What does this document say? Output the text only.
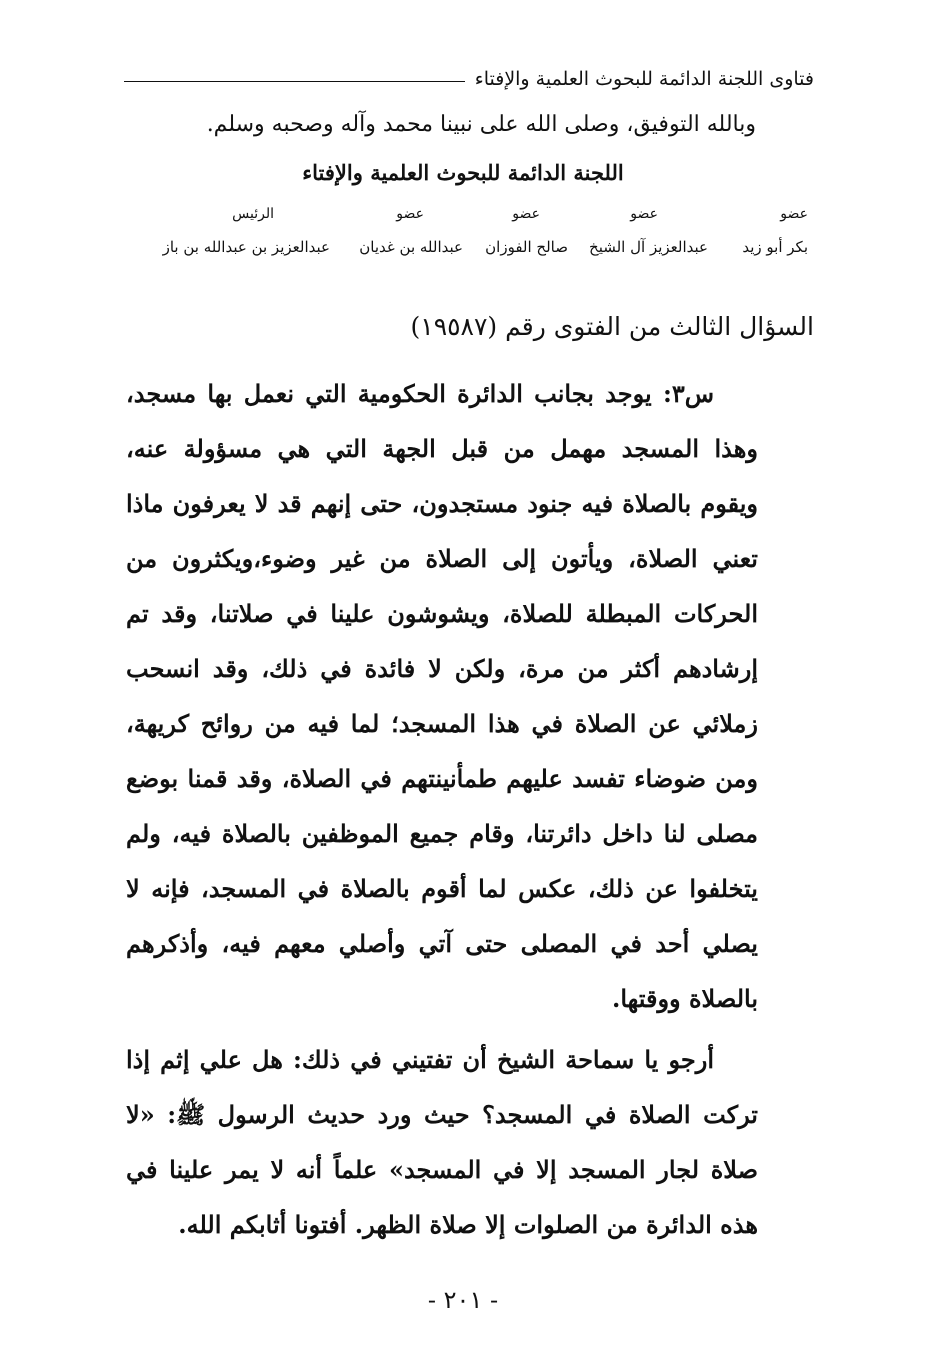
فتاوى اللجنة الدائمة للبحوث العلمية والإفتاء
وبالله التوفيق، وصلى الله على نبينا محمد وآله وصحبه وسلم.
اللجنة الدائمة للبحوث العلمية والإفتاء
عضو
عضو
عضو
عضو
الرئيس
بكر أبو زيد
عبدالعزيز آل الشيخ
صالح الفوزان
عبدالله بن غديان
عبدالعزيز بن عبدالله بن باز
السؤال الثالث من الفتوى رقم (١٩٥٨٧)

س٣: يوجد بجانب الدائرة الحكومية التي نعمل بها مسجد، وهذا المسجد مهمل من قبل الجهة التي هي مسؤولة عنه، ويقوم بالصلاة فيه جنود مستجدون، حتى إنهم قد لا يعرفون ماذا تعني الصلاة، ويأتون إلى الصلاة من غير وضوء،ويكثرون من الحركات المبطلة للصلاة، ويشوشون علينا في صلاتنا، وقد تم إرشادهم أكثر من مرة، ولكن لا فائدة في ذلك، وقد انسحب زملائي عن الصلاة في هذا المسجد؛ لما فيه من روائح كريهة، ومن ضوضاء تفسد عليهم طمأنينتهم في الصلاة، وقد قمنا بوضع مصلى لنا داخل دائرتنا، وقام جميع الموظفين بالصلاة فيه، ولم يتخلفوا عن ذلك، عكس لما أقوم بالصلاة في المسجد، فإنه لا يصلي أحد في المصلى حتى آتي وأصلي معهم فيه، وأذكرهم بالصلاة ووقتها.

أرجو يا سماحة الشيخ أن تفتيني في ذلك: هل علي إثم إذا تركت الصلاة في المسجد؟ حيث ورد حديث الرسول ﷺ: «لا صلاة لجار المسجد إلا في المسجد» علماً أنه لا يمر علينا في هذه الدائرة من الصلوات إلا صلاة الظهر. أفتونا أثابكم الله.

- ٢٠١ -
